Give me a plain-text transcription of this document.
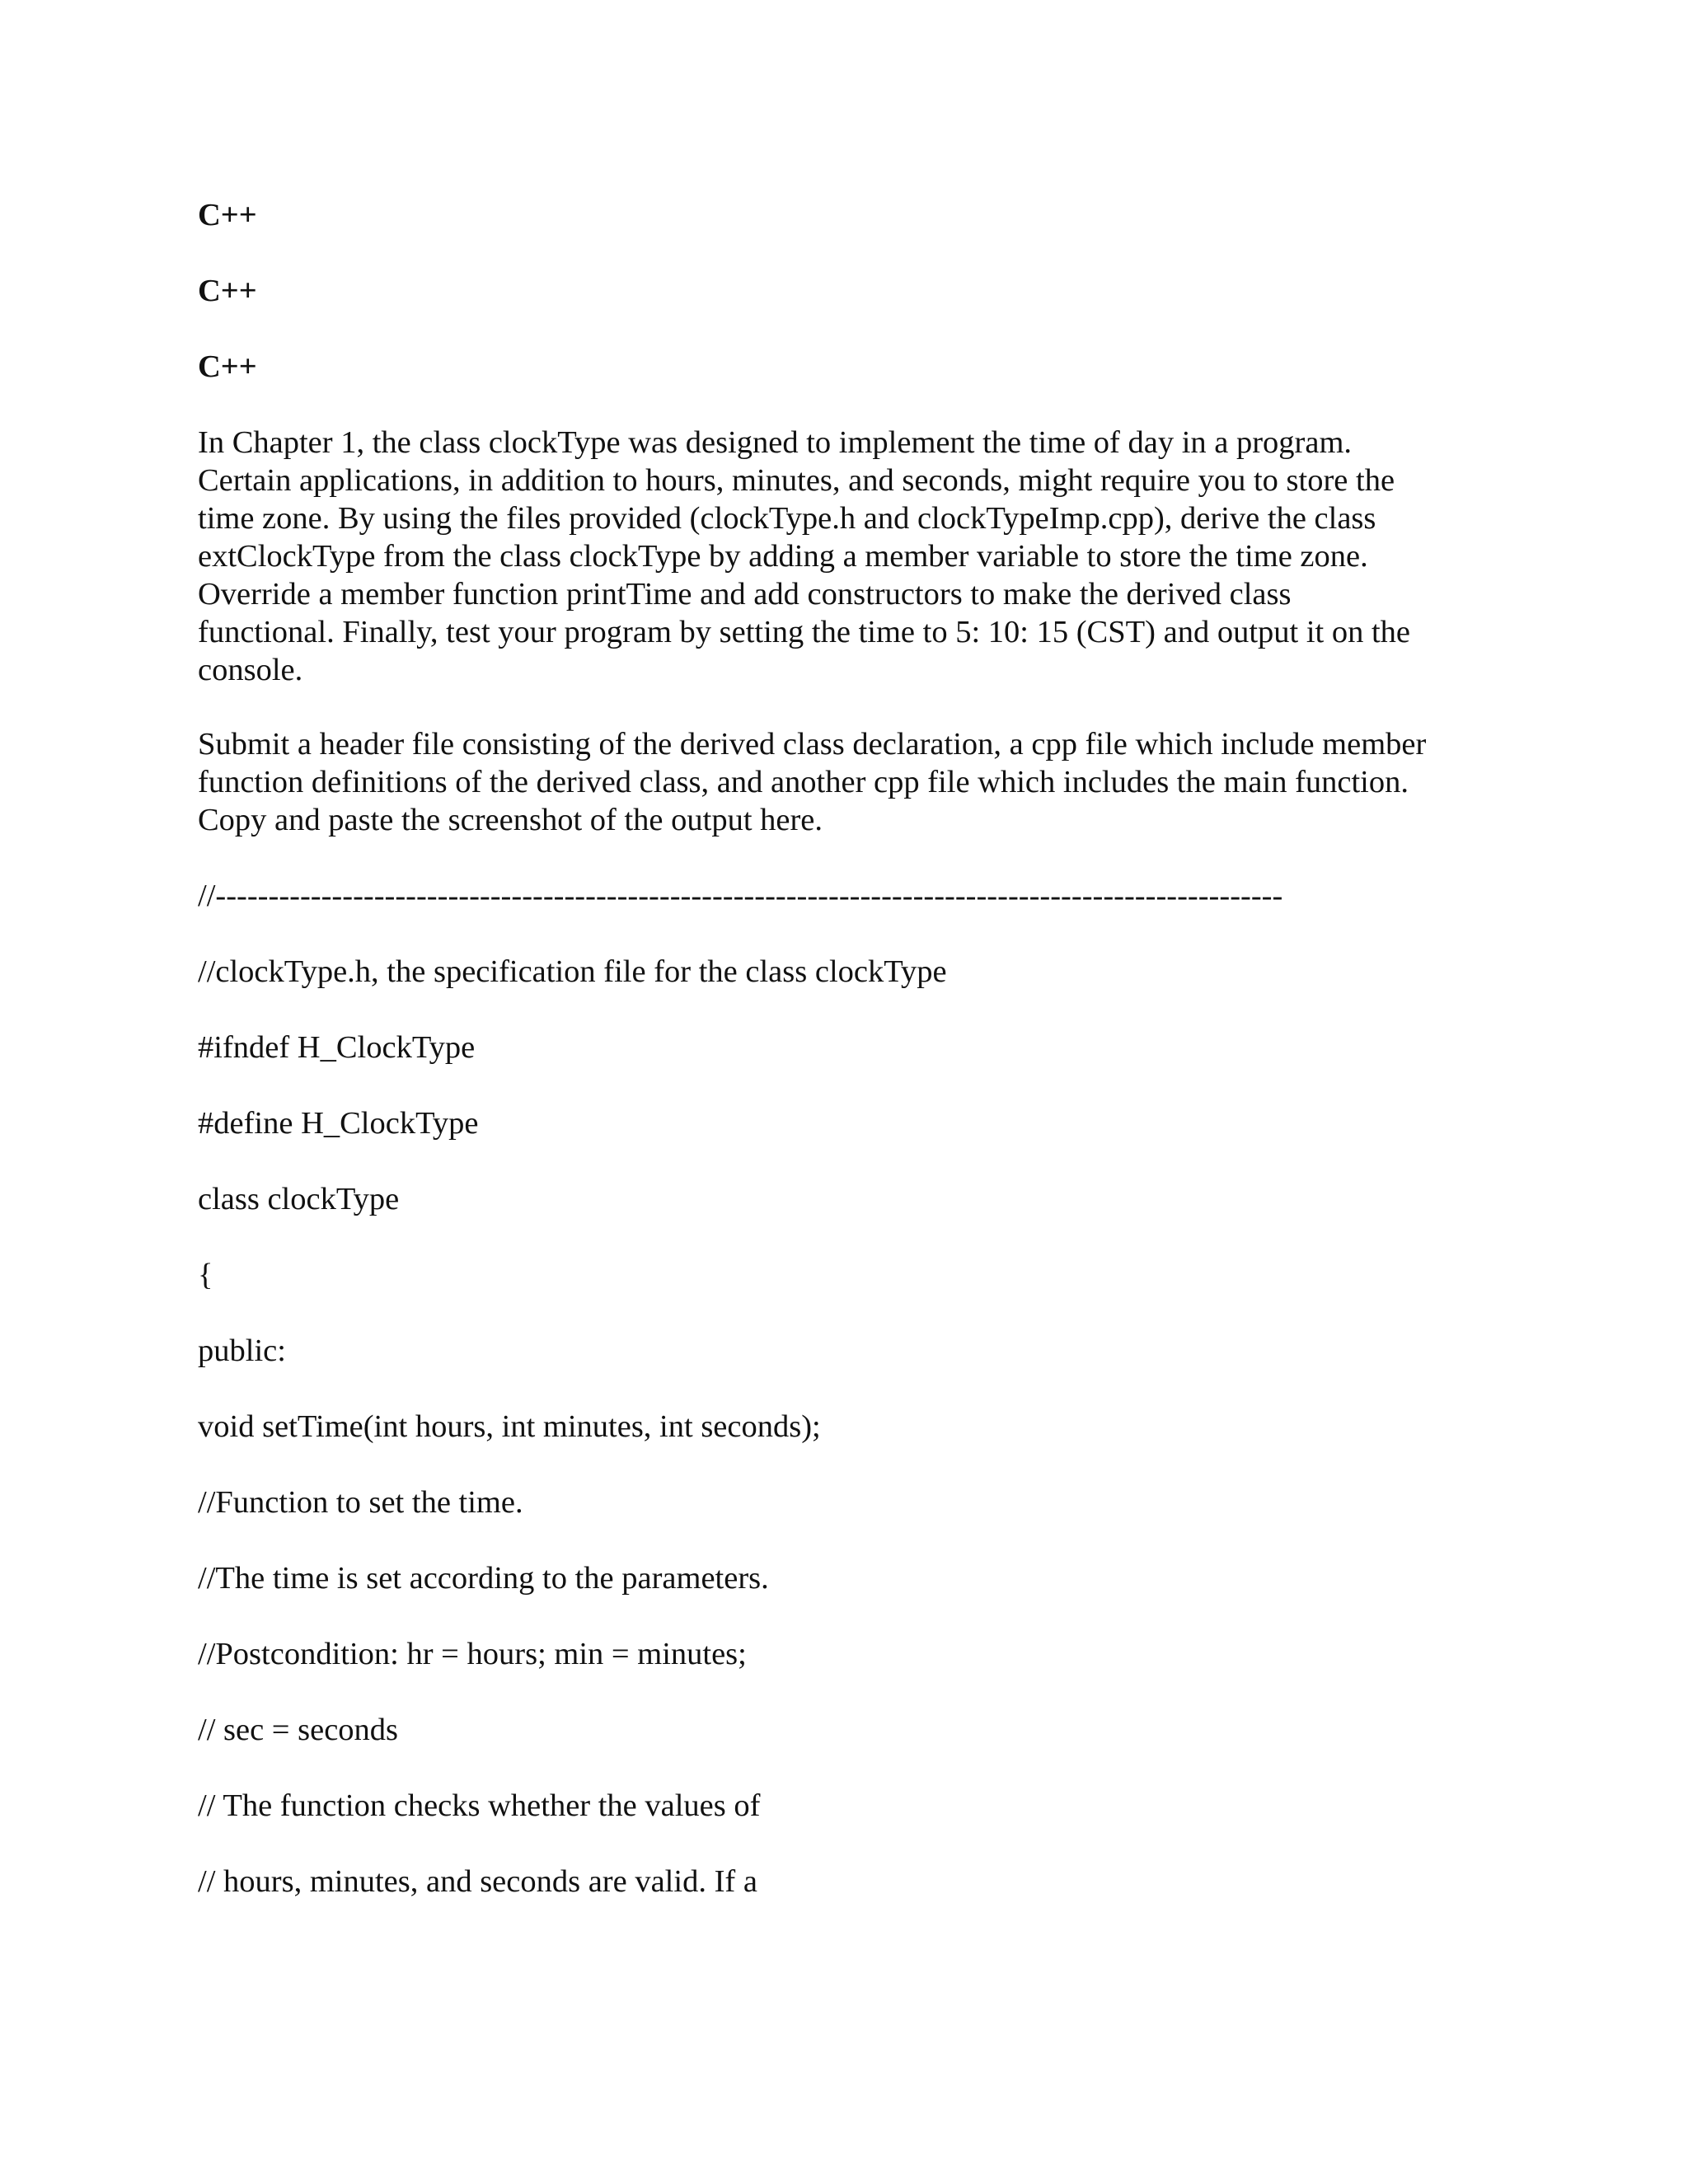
C++
C++
C++
In Chapter 1, the class clockType was designed to implement the time of day in a program.
Certain applications, in addition to hours, minutes, and seconds, might require you to store the
time zone. By using the files provided (clockType.h and clockTypeImp.cpp), derive the class
extClockType from the class clockType by adding a member variable to store the time zone.
Override a member function printTime and add constructors to make the derived class
functional. Finally, test your program by setting the time to 5: 10: 15 (CST) and output it on the
console.
Submit a header file consisting of the derived class declaration, a cpp file which include member
function definitions of the derived class, and another cpp file which includes the main function.
Copy and paste the screenshot of the output here.
//-----------------------------------------------------------------------------------------------------
//clockType.h, the specification file for the class clockType
#ifndef H_ClockType
#define H_ClockType
class clockType
{
public:
void setTime(int hours, int minutes, int seconds);
//Function to set the time.
//The time is set according to the parameters.
//Postcondition: hr = hours; min = minutes;
// sec = seconds
// The function checks whether the values of
// hours, minutes, and seconds are valid. If a
